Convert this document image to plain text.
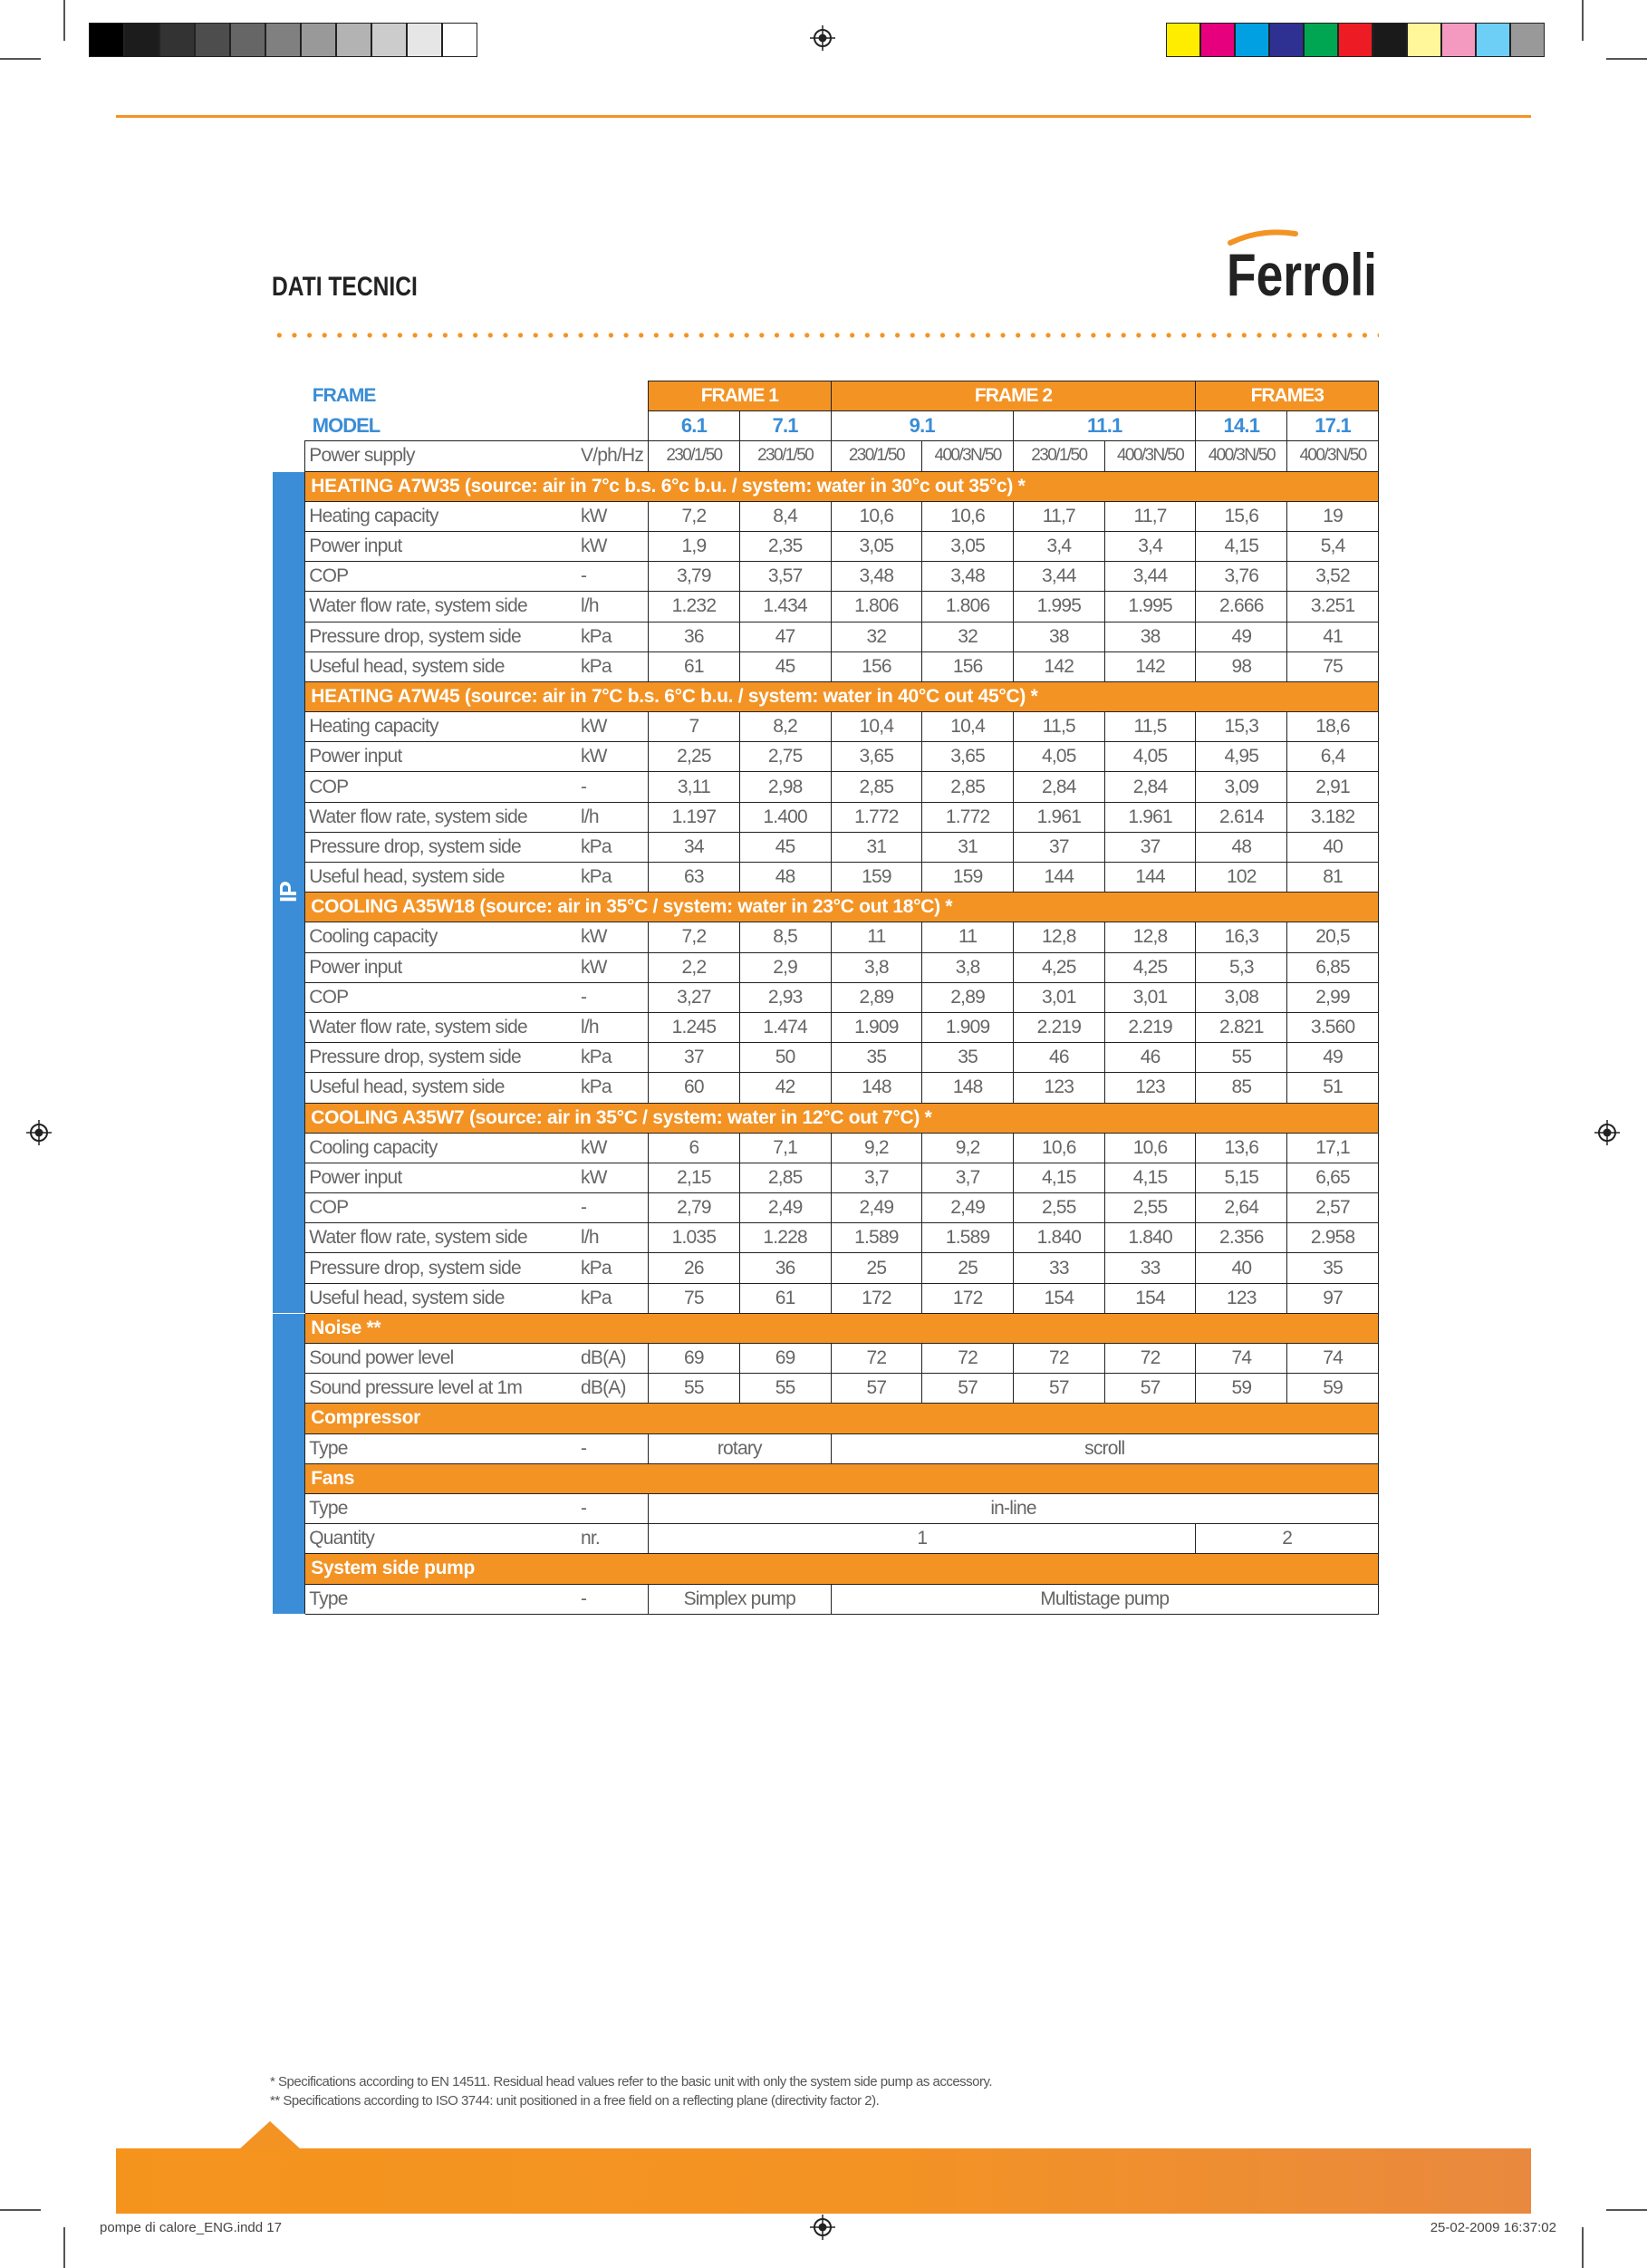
DATI TECNICI	Ferroli
	FRAME		FRAME 1		FRAME 2				FRAME3	
	MODEL		6.1	7.1	9.1		11.1		14.1	17.1
	Power supply	V/ph/Hz	230/1/50	230/1/50	230/1/50	400/3N/50	230/1/50	400/3N/50	400/3N/50	400/3N/50

IP	HEATING A7W35 (source: air in 7°c b.s. 6°c b.u. / system: water in 30°c out 35°c) *									
	Heating capacity	kW	7,2	8,4	10,6	10,6	11,7	11,7	15,6	19
	Power input	kW	1,9	2,35	3,05	3,05	3,4	3,4	4,15	5,4
	COP	-	3,79	3,57	3,48	3,48	3,44	3,44	3,76	3,52
	Water flow rate, system side	l/h	1.232	1.434	1.806	1.806	1.995	1.995	2.666	3.251
	Pressure drop, system side	kPa	36	47	32	32	38	38	49	41
	Useful head, system side	kPa	61	45	156	156	142	142	98	75
	HEATING A7W45 (source: air in 7°C b.s. 6°C b.u. / system: water in 40°C out 45°C) *									
	Heating capacity	kW	7	8,2	10,4	10,4	11,5	11,5	15,3	18,6
	Power input	kW	2,25	2,75	3,65	3,65	4,05	4,05	4,95	6,4
	COP	-	3,11	2,98	2,85	2,85	2,84	2,84	3,09	2,91
	Water flow rate, system side	l/h	1.197	1.400	1.772	1.772	1.961	1.961	2.614	3.182
	Pressure drop, system side	kPa	34	45	31	31	37	37	48	40
	Useful head, system side	kPa	63	48	159	159	144	144	102	81
	COOLING A35W18 (source: air in 35°C / system: water in 23°C out 18°C) *									
	Cooling capacity	kW	7,2	8,5	11	11	12,8	12,8	16,3	20,5
	Power input	kW	2,2	2,9	3,8	3,8	4,25	4,25	5,3	6,85
	COP	-	3,27	2,93	2,89	2,89	3,01	3,01	3,08	2,99
	Water flow rate, system side	l/h	1.245	1.474	1.909	1.909	2.219	2.219	2.821	3.560
	Pressure drop, system side	kPa	37	50	35	35	46	46	55	49
	Useful head, system side	kPa	60	42	148	148	123	123	85	51
	COOLING A35W7 (source: air in 35°C / system: water in 12°C out 7°C) *									
	Cooling capacity	kW	6	7,1	9,2	9,2	10,6	10,6	13,6	17,1
	Power input	kW	2,15	2,85	3,7	3,7	4,15	4,15	5,15	6,65
	COP	-	2,79	2,49	2,49	2,49	2,55	2,55	2,64	2,57
	Water flow rate, system side	l/h	1.035	1.228	1.589	1.589	1.840	1.840	2.356	2.958
	Pressure drop, system side	kPa	26	36	25	25	33	33	40	35
	Useful head, system side	kPa	75	61	172	172	154	154	123	97
	Noise **									
	Sound power level	dB(A)	69	69	72	72	72	72	74	74
	Sound pressure level at 1m	dB(A)	55	55	57	57	57	57	59	59
	Compressor									
	Type	-	rotary		scroll					
	Fans									
	Type	-	in-line							
	Quantity	nr.	1						2	
	System side pump									
	Type	-	Simplex pump		Multistage pump					
* Specifications according to EN 14511. Residual head values refer to the basic unit with only the system side pump as accessory.
** Specifications according to ISO 3744: unit positioned in a free field on a reflecting plane (directivity factor 2).
pompe di calore_ENG.indd 17	25-02-2009 16:37:02
